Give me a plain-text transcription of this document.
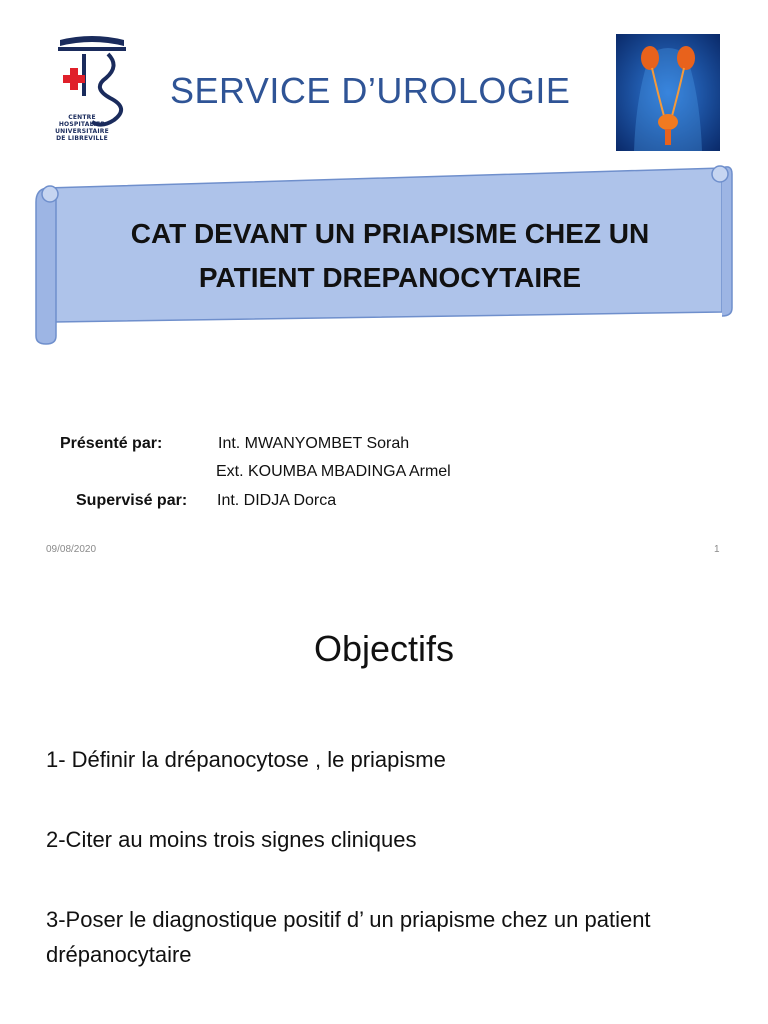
CENTRE
HOSPITALIER
UNIVERSITAIRE
DE LIBREVILLE
SERVICE D’UROLOGIE
CAT DEVANT UN PRIAPISME CHEZ UN
PATIENT DREPANOCYTAIRE
Présenté par:	Int. MWANYOMBET Sorah
Ext. KOUMBA MBADINGA Armel
Supervisé par: Int. DIDJA Dorca
09/08/2020	1
Objectifs
1- Définir la drépanocytose , le priapisme
2-Citer au moins trois signes cliniques
3-Poser le diagnostique positif d’ un priapisme chez un patient drépanocytaire
